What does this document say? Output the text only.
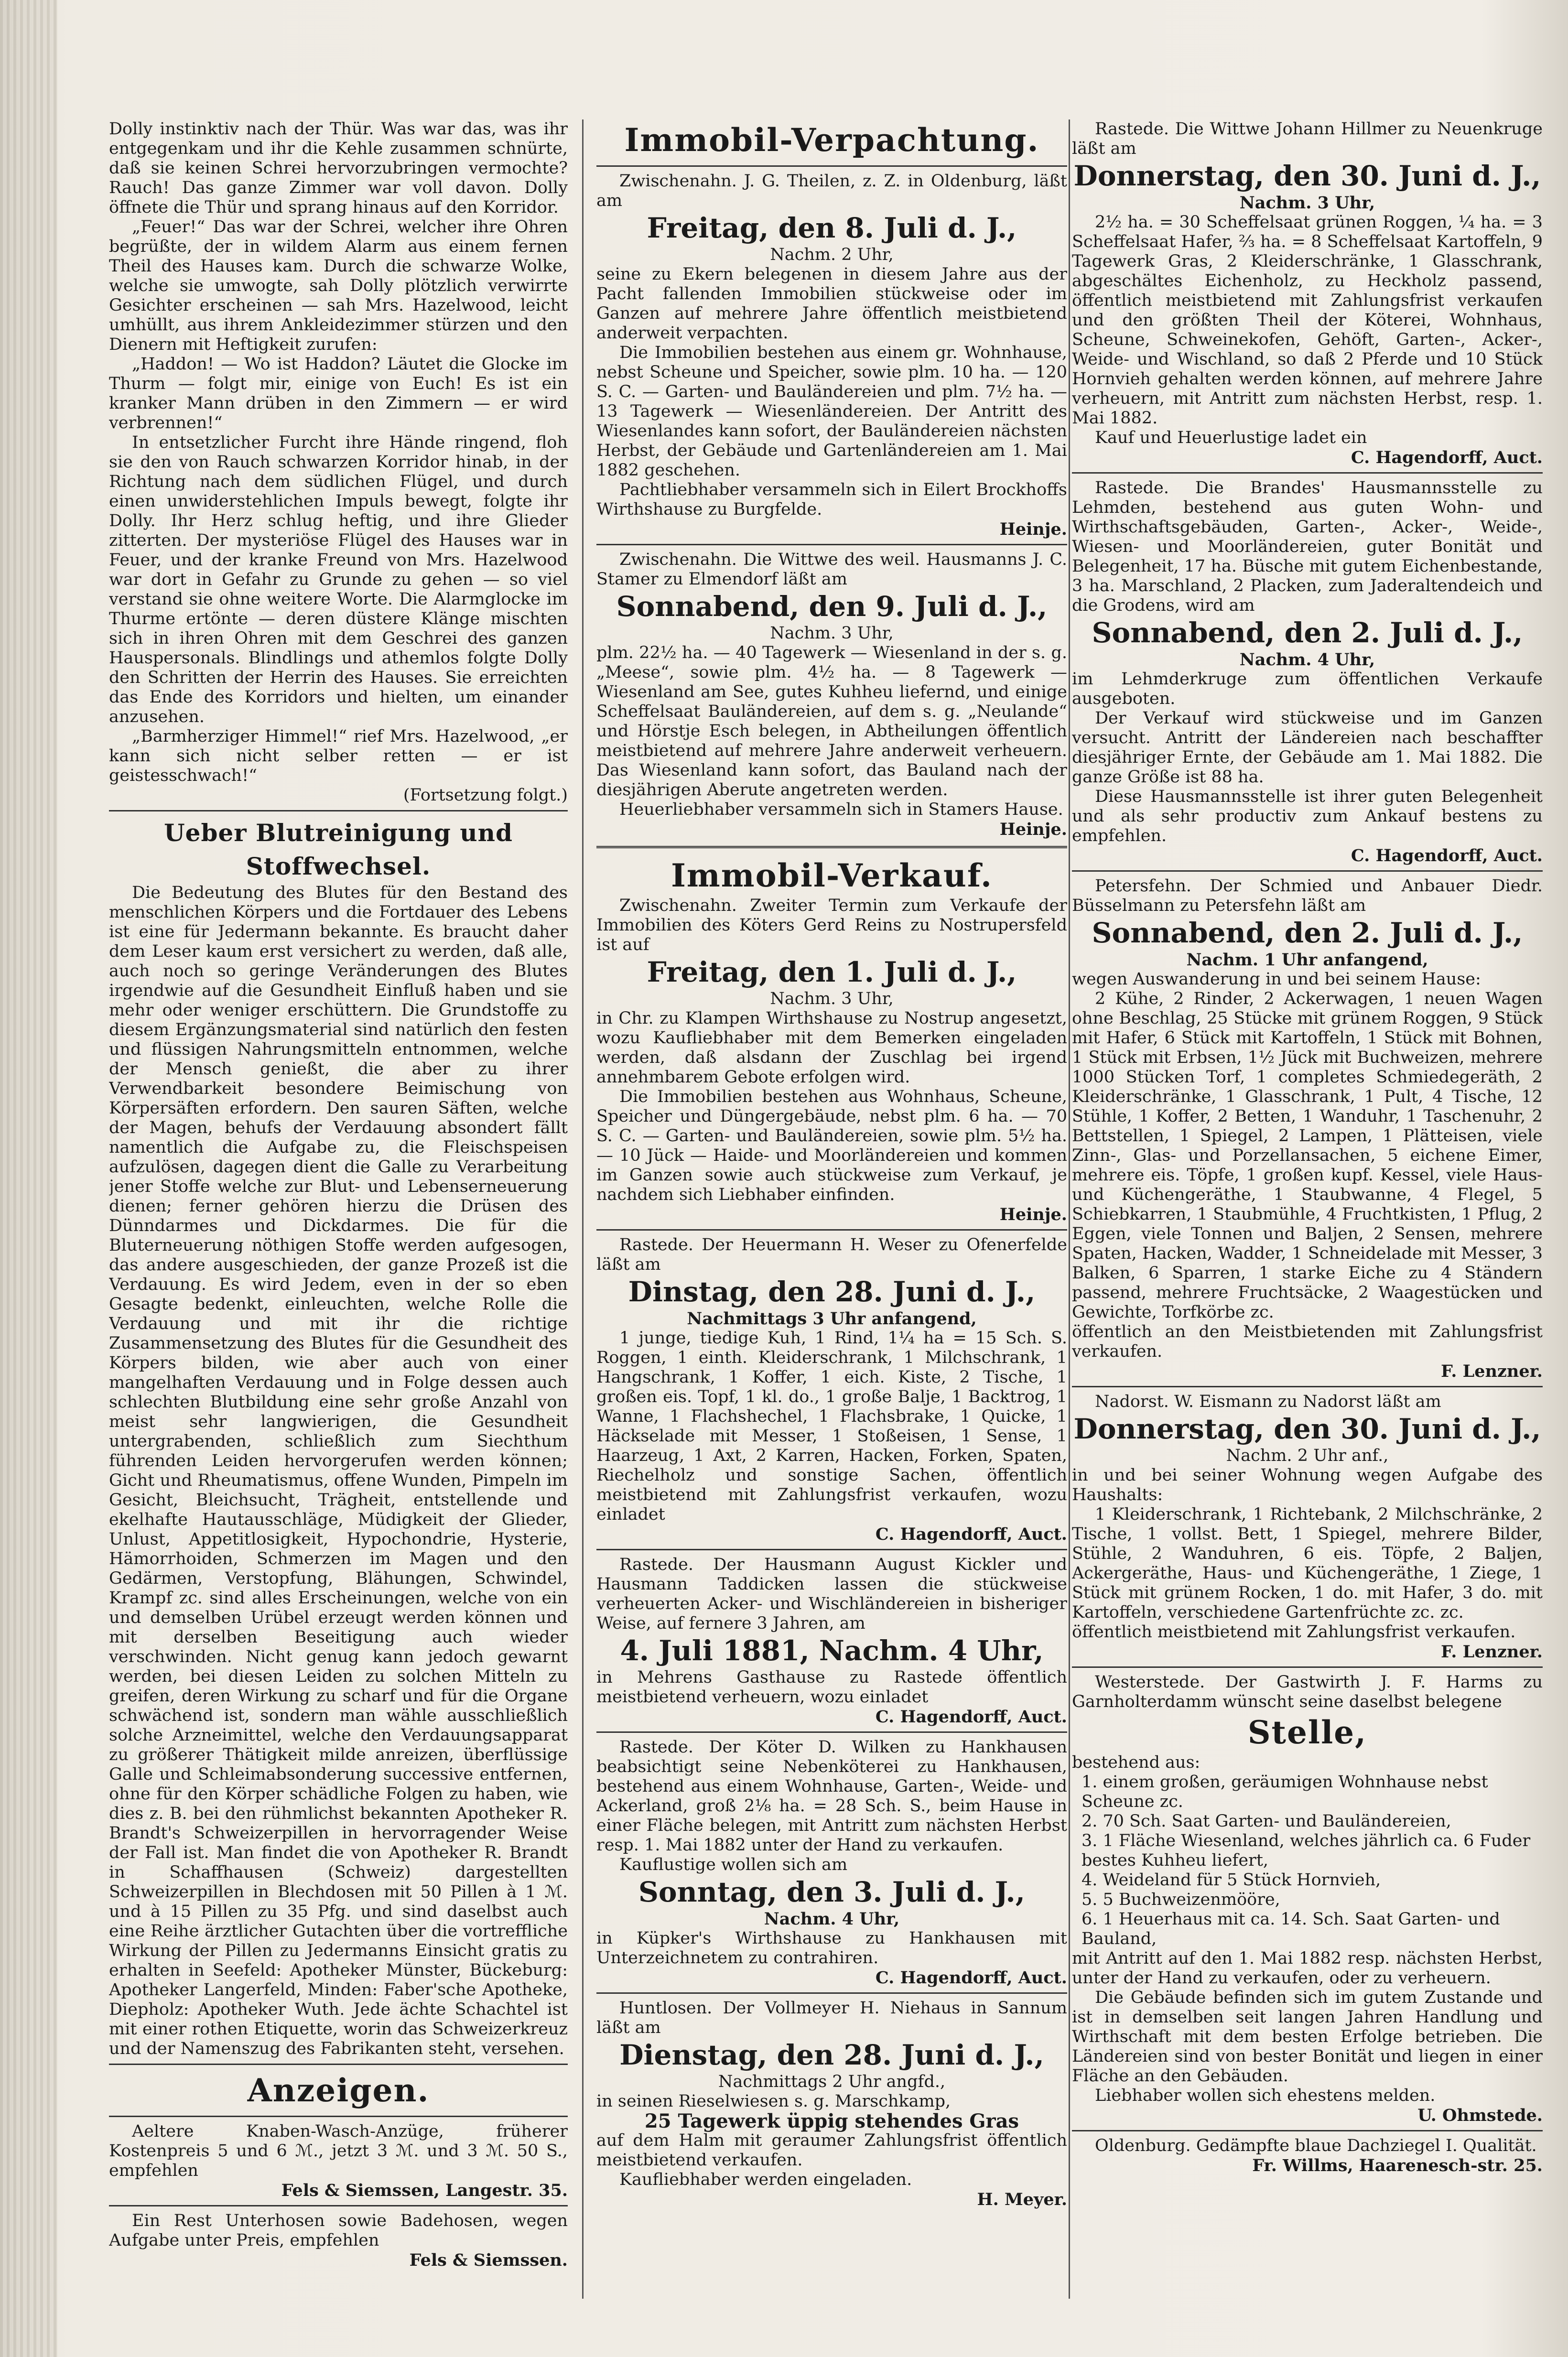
Dolly instinktiv nach der Thür. Was war das, was ihr entgegenkam und ihr die Kehle zusammen schnürte, daß sie keinen Schrei hervorzubringen vermochte? Rauch! Das ganze Zimmer war voll davon. Dolly öffnete die Thür und sprang hinaus auf den Korridor.

„Feuer!“ Das war der Schrei, welcher ihre Ohren begrüßte, der in wildem Alarm aus einem fernen Theil des Hauses kam. Durch die schwarze Wolke, welche sie umwogte, sah Dolly plötzlich verwirrte Gesichter erscheinen — sah Mrs. Hazelwood, leicht umhüllt, aus ihrem Ankleidezimmer stürzen und den Dienern mit Heftigkeit zurufen:

„Haddon! — Wo ist Haddon? Läutet die Glocke im Thurm — folgt mir, einige von Euch! Es ist ein kranker Mann drüben in den Zimmern — er wird verbrennen!“

In entsetzlicher Furcht ihre Hände ringend, floh sie den von Rauch schwarzen Korridor hinab, in der Richtung nach dem südlichen Flügel, und durch einen unwiderstehlichen Impuls bewegt, folgte ihr Dolly. Ihr Herz schlug heftig, und ihre Glieder zitterten. Der mysteriöse Flügel des Hauses war in Feuer, und der kranke Freund von Mrs. Hazelwood war dort in Gefahr zu Grunde zu gehen — so viel verstand sie ohne weitere Worte. Die Alarmglocke im Thurme ertönte — deren düstere Klänge mischten sich in ihren Ohren mit dem Geschrei des ganzen Hauspersonals. Blindlings und athemlos folgte Dolly den Schritten der Herrin des Hauses. Sie erreichten das Ende des Korridors und hielten, um einander anzusehen.

„Barmherziger Himmel!“ rief Mrs. Hazelwood, „er kann sich nicht selber retten — er ist geistesschwach!“

(Fortsetzung folgt.)

Ueber Blutreinigung und Stoffwechsel.

Die Bedeutung des Blutes für den Bestand des menschlichen Körpers und die Fortdauer des Lebens ist eine für Jedermann bekannte. Es braucht daher dem Leser kaum erst versichert zu werden, daß alle, auch noch so geringe Veränderungen des Blutes irgendwie auf die Gesundheit Einfluß haben und sie mehr oder weniger erschüttern. Die Grundstoffe zu diesem Ergänzungsmaterial sind natürlich den festen und flüssigen Nahrungsmitteln entnommen, welche der Mensch genießt, die aber zu ihrer Verwendbarkeit besondere Beimischung von Körpersäften erfordern. Den sauren Säften, welche der Magen, behufs der Verdauung absondert fällt namentlich die Aufgabe zu, die Fleischspeisen aufzulösen, dagegen dient die Galle zu Verarbeitung jener Stoffe welche zur Blut- und Lebenserneuerung dienen; ferner gehören hierzu die Drüsen des Dünndarmes und Dickdarmes. Die für die Bluterneuerung nöthigen Stoffe werden aufgesogen, das andere ausgeschieden, der ganze Prozeß ist die Verdauung. Es wird Jedem, even in der so eben Gesagte bedenkt, einleuchten, welche Rolle die Verdauung und mit ihr die richtige Zusammensetzung des Blutes für die Gesundheit des Körpers bilden, wie aber auch von einer mangelhaften Verdauung und in Folge dessen auch schlechten Blutbildung eine sehr große Anzahl von meist sehr langwierigen, die Gesundheit untergrabenden, schließlich zum Siechthum führenden Leiden hervorgerufen werden können; Gicht und Rheumatismus, offene Wunden, Pimpeln im Gesicht, Bleichsucht, Trägheit, entstellende und ekelhafte Hautausschläge, Müdigkeit der Glieder, Unlust, Appetitlosigkeit, Hypochondrie, Hysterie, Hämorrhoiden, Schmerzen im Magen und den Gedärmen, Verstopfung, Blähungen, Schwindel, Krampf zc. sind alles Erscheinungen, welche von ein und demselben Urübel erzeugt werden können und mit derselben Beseitigung auch wieder verschwinden. Nicht genug kann jedoch gewarnt werden, bei diesen Leiden zu solchen Mitteln zu greifen, deren Wirkung zu scharf und für die Organe schwächend ist, sondern man wähle ausschließlich solche Arzneimittel, welche den Verdauungsapparat zu größerer Thätigkeit milde anreizen, überflüssige Galle und Schleimabsonderung successive entfernen, ohne für den Körper schädliche Folgen zu haben, wie dies z. B. bei den rühmlichst bekannten Apotheker R. Brandt's Schweizerpillen in hervorragender Weise der Fall ist. Man findet die von Apotheker R. Brandt in Schaffhausen (Schweiz) dargestellten Schweizerpillen in Blechdosen mit 50 Pillen à 1 ℳ. und à 15 Pillen zu 35 Pfg. und sind daselbst auch eine Reihe ärztlicher Gutachten über die vortreffliche Wirkung der Pillen zu Jedermanns Einsicht gratis zu erhalten in Seefeld: Apotheker Münster, Bückeburg: Apotheker Langerfeld, Minden: Faber'sche Apotheke, Diepholz: Apotheker Wuth. Jede ächte Schachtel ist mit einer rothen Etiquette, worin das Schweizerkreuz und der Namenszug des Fabrikanten steht, versehen.

Anzeigen.

Aeltere Knaben-Wasch-Anzüge, früherer Kostenpreis 5 und 6 ℳ., jetzt 3 ℳ. und 3 ℳ. 50 S., empfehlen

Fels & Siemssen, Langestr. 35.

Ein Rest Unterhosen sowie Badehosen, wegen Aufgabe unter Preis, empfehlen

Fels & Siemssen.

Immobil-Verpachtung.

Zwischenahn. J. G. Theilen, z. Z. in Oldenburg, läßt am

Freitag, den 8. Juli d. J.,

Nachm. 2 Uhr,

seine zu Ekern belegenen in diesem Jahre aus der Pacht fallenden Immobilien stückweise oder im Ganzen auf mehrere Jahre öffentlich meistbietend anderweit verpachten.

Die Immobilien bestehen aus einem gr. Wohnhause, nebst Scheune und Speicher, sowie plm. 10 ha. — 120 S. C. — Garten- und Bauländereien und plm. 7½ ha. — 13 Tagewerk — Wiesenländereien. Der Antritt des Wiesenlandes kann sofort, der Bauländereien nächsten Herbst, der Gebäude und Gartenländereien am 1. Mai 1882 geschehen.

Pachtliebhaber versammeln sich in Eilert Brockhoffs Wirthshause zu Burgfelde.

Heinje.

Zwischenahn. Die Wittwe des weil. Hausmanns J. C. Stamer zu Elmendorf läßt am

Sonnabend, den 9. Juli d. J.,

Nachm. 3 Uhr,

plm. 22½ ha. — 40 Tagewerk — Wiesenland in der s. g. „Meese“, sowie plm. 4½ ha. — 8 Tagewerk — Wiesenland am See, gutes Kuhheu liefernd, und einige Scheffelsaat Bauländereien, auf dem s. g. „Neulande“ und Hörstje Esch belegen, in Abtheilungen öffentlich meistbietend auf mehrere Jahre anderweit verheuern. Das Wiesenland kann sofort, das Bauland nach der diesjährigen Aberute angetreten werden.

Heuerliebhaber versammeln sich in Stamers Hause.

Heinje.

Immobil-Verkauf.

Zwischenahn. Zweiter Termin zum Verkaufe der Immobilien des Köters Gerd Reins zu Nostrupersfeld ist auf

Freitag, den 1. Juli d. J.,

Nachm. 3 Uhr,

in Chr. zu Klampen Wirthshause zu Nostrup angesetzt, wozu Kaufliebhaber mit dem Bemerken eingeladen werden, daß alsdann der Zuschlag bei irgend annehmbarem Gebote erfolgen wird.

Die Immobilien bestehen aus Wohnhaus, Scheune, Speicher und Düngergebäude, nebst plm. 6 ha. — 70 S. C. — Garten- und Bauländereien, sowie plm. 5½ ha. — 10 Jück — Haide- und Moorländereien und kommen im Ganzen sowie auch stückweise zum Verkauf, je nachdem sich Liebhaber einfinden.

Heinje.

Rastede. Der Heuermann H. Weser zu Ofenerfelde läßt am

Dinstag, den 28. Juni d. J.,

Nachmittags 3 Uhr anfangend,

1 junge, tiedige Kuh, 1 Rind, 1¼ ha = 15 Sch. S. Roggen, 1 einth. Kleiderschrank, 1 Milchschrank, 1 Hangschrank, 1 Koffer, 1 eich. Kiste, 2 Tische, 1 großen eis. Topf, 1 kl. do., 1 große Balje, 1 Backtrog, 1 Wanne, 1 Flachshechel, 1 Flachsbrake, 1 Quicke, 1 Häckselade mit Messer, 1 Stoßeisen, 1 Sense, 1 Haarzeug, 1 Axt, 2 Karren, Hacken, Forken, Spaten, Riechelholz und sonstige Sachen, öffentlich meistbietend mit Zahlungsfrist verkaufen, wozu einladet

C. Hagendorff, Auct.

Rastede. Der Hausmann August Kickler und Hausmann Taddicken lassen die stückweise verheuerten Acker- und Wischländereien in bisheriger Weise, auf fernere 3 Jahren, am

4. Juli 1881, Nachm. 4 Uhr,

in Mehrens Gasthause zu Rastede öffentlich meistbietend verheuern, wozu einladet

C. Hagendorff, Auct.

Rastede. Der Köter D. Wilken zu Hankhausen beabsichtigt seine Nebenköterei zu Hankhausen, bestehend aus einem Wohnhause, Garten-, Weide- und Ackerland, groß 2⅛ ha. = 28 Sch. S., beim Hause in einer Fläche belegen, mit Antritt zum nächsten Herbst resp. 1. Mai 1882 unter der Hand zu verkaufen.

Kauflustige wollen sich am

Sonntag, den 3. Juli d. J.,

Nachm. 4 Uhr,

in Küpker's Wirthshause zu Hankhausen mit Unterzeichnetem zu contrahiren.

C. Hagendorff, Auct.

Huntlosen. Der Vollmeyer H. Niehaus in Sannum läßt am

Dienstag, den 28. Juni d. J.,

Nachmittags 2 Uhr angfd.,

in seinen Rieselwiesen s. g. Marschkamp,

25 Tagewerk üppig stehendes Gras

auf dem Halm mit geraumer Zahlungsfrist öffentlich meistbietend verkaufen.

Kaufliebhaber werden eingeladen.

H. Meyer.

Rastede. Die Wittwe Johann Hillmer zu Neuenkruge läßt am

Donnerstag, den 30. Juni d. J.,

Nachm. 3 Uhr,

2½ ha. = 30 Scheffelsaat grünen Roggen, ¼ ha. = 3 Scheffelsaat Hafer, ⅔ ha. = 8 Scheffelsaat Kartoffeln, 9 Tagewerk Gras, 2 Kleiderschränke, 1 Glasschrank, abgeschältes Eichenholz, zu Heckholz passend, öffentlich meistbietend mit Zahlungsfrist verkaufen und den größten Theil der Köterei, Wohnhaus, Scheune, Schweinekofen, Gehöft, Garten-, Acker-, Weide- und Wischland, so daß 2 Pferde und 10 Stück Hornvieh gehalten werden können, auf mehrere Jahre verheuern, mit Antritt zum nächsten Herbst, resp. 1. Mai 1882.

Kauf und Heuerlustige ladet ein

C. Hagendorff, Auct.

Rastede. Die Brandes' Hausmannsstelle zu Lehmden, bestehend aus guten Wohn- und Wirthschaftsgebäuden, Garten-, Acker-, Weide-, Wiesen- und Moorländereien, guter Bonität und Belegenheit, 17 ha. Büsche mit gutem Eichenbestande, 3 ha. Marschland, 2 Placken, zum Jaderaltendeich und die Grodens, wird am

Sonnabend, den 2. Juli d. J.,

Nachm. 4 Uhr,

im Lehmderkruge zum öffentlichen Verkaufe ausgeboten.

Der Verkauf wird stückweise und im Ganzen versucht. Antritt der Ländereien nach beschaffter diesjähriger Ernte, der Gebäude am 1. Mai 1882. Die ganze Größe ist 88 ha.

Diese Hausmannsstelle ist ihrer guten Belegenheit und als sehr productiv zum Ankauf bestens zu empfehlen.

C. Hagendorff, Auct.

Petersfehn. Der Schmied und Anbauer Diedr. Büsselmann zu Petersfehn läßt am

Sonnabend, den 2. Juli d. J.,

Nachm. 1 Uhr anfangend,

wegen Auswanderung in und bei seinem Hause:

2 Kühe, 2 Rinder, 2 Ackerwagen, 1 neuen Wagen ohne Beschlag, 25 Stücke mit grünem Roggen, 9 Stück mit Hafer, 6 Stück mit Kartoffeln, 1 Stück mit Bohnen, 1 Stück mit Erbsen, 1½ Jück mit Buchweizen, mehrere 1000 Stücken Torf, 1 completes Schmiedegeräth, 2 Kleiderschränke, 1 Glasschrank, 1 Pult, 4 Tische, 12 Stühle, 1 Koffer, 2 Betten, 1 Wanduhr, 1 Taschenuhr, 2 Bettstellen, 1 Spiegel, 2 Lampen, 1 Plätteisen, viele Zinn-, Glas- und Porzellansachen, 5 eichene Eimer, mehrere eis. Töpfe, 1 großen kupf. Kessel, viele Haus- und Küchengeräthe, 1 Staubwanne, 4 Flegel, 5 Schiebkarren, 1 Staubmühle, 4 Fruchtkisten, 1 Pflug, 2 Eggen, viele Tonnen und Baljen, 2 Sensen, mehrere Spaten, Hacken, Wadder, 1 Schneidelade mit Messer, 3 Balken, 6 Sparren, 1 starke Eiche zu 4 Ständern passend, mehrere Fruchtsäcke, 2 Waagestücken und Gewichte, Torfkörbe zc.

öffentlich an den Meistbietenden mit Zahlungsfrist verkaufen.

F. Lenzner.

Nadorst. W. Eismann zu Nadorst läßt am

Donnerstag, den 30. Juni d. J.,

Nachm. 2 Uhr anf.,

in und bei seiner Wohnung wegen Aufgabe des Haushalts:

1 Kleiderschrank, 1 Richtebank, 2 Milchschränke, 2 Tische, 1 vollst. Bett, 1 Spiegel, mehrere Bilder, Stühle, 2 Wanduhren, 6 eis. Töpfe, 2 Baljen, Ackergeräthe, Haus- und Küchengeräthe, 1 Ziege, 1 Stück mit grünem Rocken, 1 do. mit Hafer, 3 do. mit Kartoffeln, verschiedene Gartenfrüchte zc. zc.

öffentlich meistbietend mit Zahlungsfrist verkaufen.

F. Lenzner.

Westerstede. Der Gastwirth J. F. Harms zu Garnholterdamm wünscht seine daselbst belegene

Stelle,

bestehend aus:

1. einem großen, geräumigen Wohnhause nebst Scheune zc.
2. 70 Sch. Saat Garten- und Bauländereien,
3. 1 Fläche Wiesenland, welches jährlich ca. 6 Fuder bestes Kuhheu liefert,
4. Weideland für 5 Stück Hornvieh,
5. 5 Buchweizenmööre,
6. 1 Heuerhaus mit ca. 14. Sch. Saat Garten- und Bauland,

mit Antritt auf den 1. Mai 1882 resp. nächsten Herbst, unter der Hand zu verkaufen, oder zu verheuern.

Die Gebäude befinden sich im gutem Zustande und ist in demselben seit langen Jahren Handlung und Wirthschaft mit dem besten Erfolge betrieben. Die Ländereien sind von bester Bonität und liegen in einer Fläche an den Gebäuden.

Liebhaber wollen sich ehestens melden.

U. Ohmstede.

Oldenburg. Gedämpfte blaue Dachziegel I. Qualität.

Fr. Willms, Haarenesch-str. 25.
